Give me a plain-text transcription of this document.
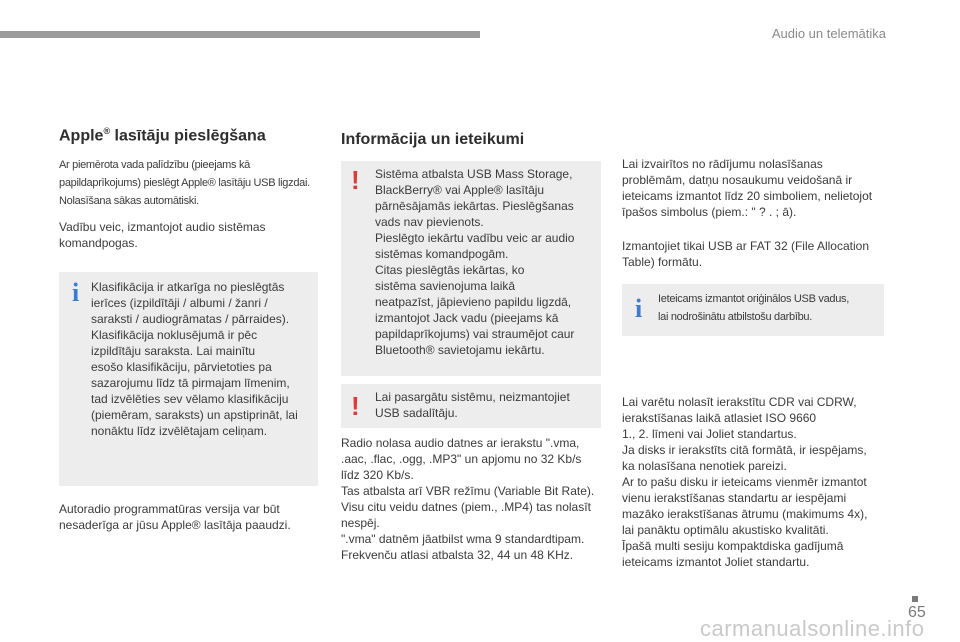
Audio un telemātika
Apple® lasītāju pieslēgšana
Ar piemērota vada palīdzību (pieejams kā
papildaprīkojums) pieslēgt Apple® lasītāju USB ligzdai.
Nolasīšana sākas automātiski.
Vadību veic, izmantojot audio sistēmas
komandpogas.
i Klasifikācija ir atkarīga no pieslēgtās
ierīces (izpildītāji / albumi / žanri /
saraksti / audiogrāmatas / pārraides).
Klasifikācija noklusējumā ir pēc
izpildītāju saraksta. Lai mainītu
esošo klasifikāciju, pārvietoties pa
sazarojumu līdz tā pirmajam līmenim,
tad izvēlēties sev vēlamo klasifikāciju
(piemēram, saraksts) un apstiprināt, lai
nonāktu līdz izvēlētajam celiņam.
Autoradio programmatūras versija var būt
nesaderīga ar jūsu Apple® lasītāja paaudzi.
Informācija un ieteikumi
! Sistēma atbalsta USB Mass Storage,
BlackBerry® vai Apple® lasītāju
pārnēsājamās iekārtas. Pieslēgšanas
vads nav pievienots.
Pieslēgto iekārtu vadību veic ar audio
sistēmas komandpogām.
Citas pieslēgtās iekārtas, ko
sistēma savienojuma laikā
neatpazīst, jāpievieno papildu ligzdā,
izmantojot Jack vadu (pieejams kā
papildaprīkojums) vai straumējot caur
Bluetooth® savietojamu iekārtu.
! Lai pasargātu sistēmu, neizmantojiet
USB sadalītāju.
Radio nolasa audio datnes ar ierakstu ".vma,
.aac, .flac, .ogg, .MP3" un apjomu no 32 Kb/s
līdz 320 Kb/s.
Tas atbalsta arī VBR režīmu (Variable Bit Rate).
Visu citu veidu datnes (piem., .MP4) tas nolasīt
nespēj.
".vma" datnēm jāatbilst wma 9 standardtipam.
Frekvenču atlasi atbalsta 32, 44 un 48 KHz.
Lai izvairītos no rādījumu nolasīšanas
problēmām, datņu nosaukumu veidošanā ir
ieteicams izmantot līdz 20 simboliem, nelietojot
īpašos simbolus (piem.: " ? . ; ā).
Izmantojiet tikai USB ar FAT 32 (File Allocation
Table) formātu.
i Ieteicams izmantot oriģinālos USB vadus,
lai nodrošinātu atbilstošu darbību.
Lai varētu nolasīt ierakstītu CDR vai CDRW,
ierakstīšanas laikā atlasiet ISO 9660
1., 2. līmeni vai Joliet standartus.
Ja disks ir ierakstīts citā formātā, ir iespējams,
ka nolasīšana nenotiek pareizi.
Ar to pašu disku ir ieteicams vienmēr izmantot
vienu ierakstīšanas standartu ar iespējami
mazāko ierakstīšanas ātrumu (makimums 4x),
lai panāktu optimālu akustisko kvalitāti.
Īpašā multi sesiju kompaktdiska gadījumā
ieteicams izmantot Joliet standartu.
65
carmanualsonline.info
